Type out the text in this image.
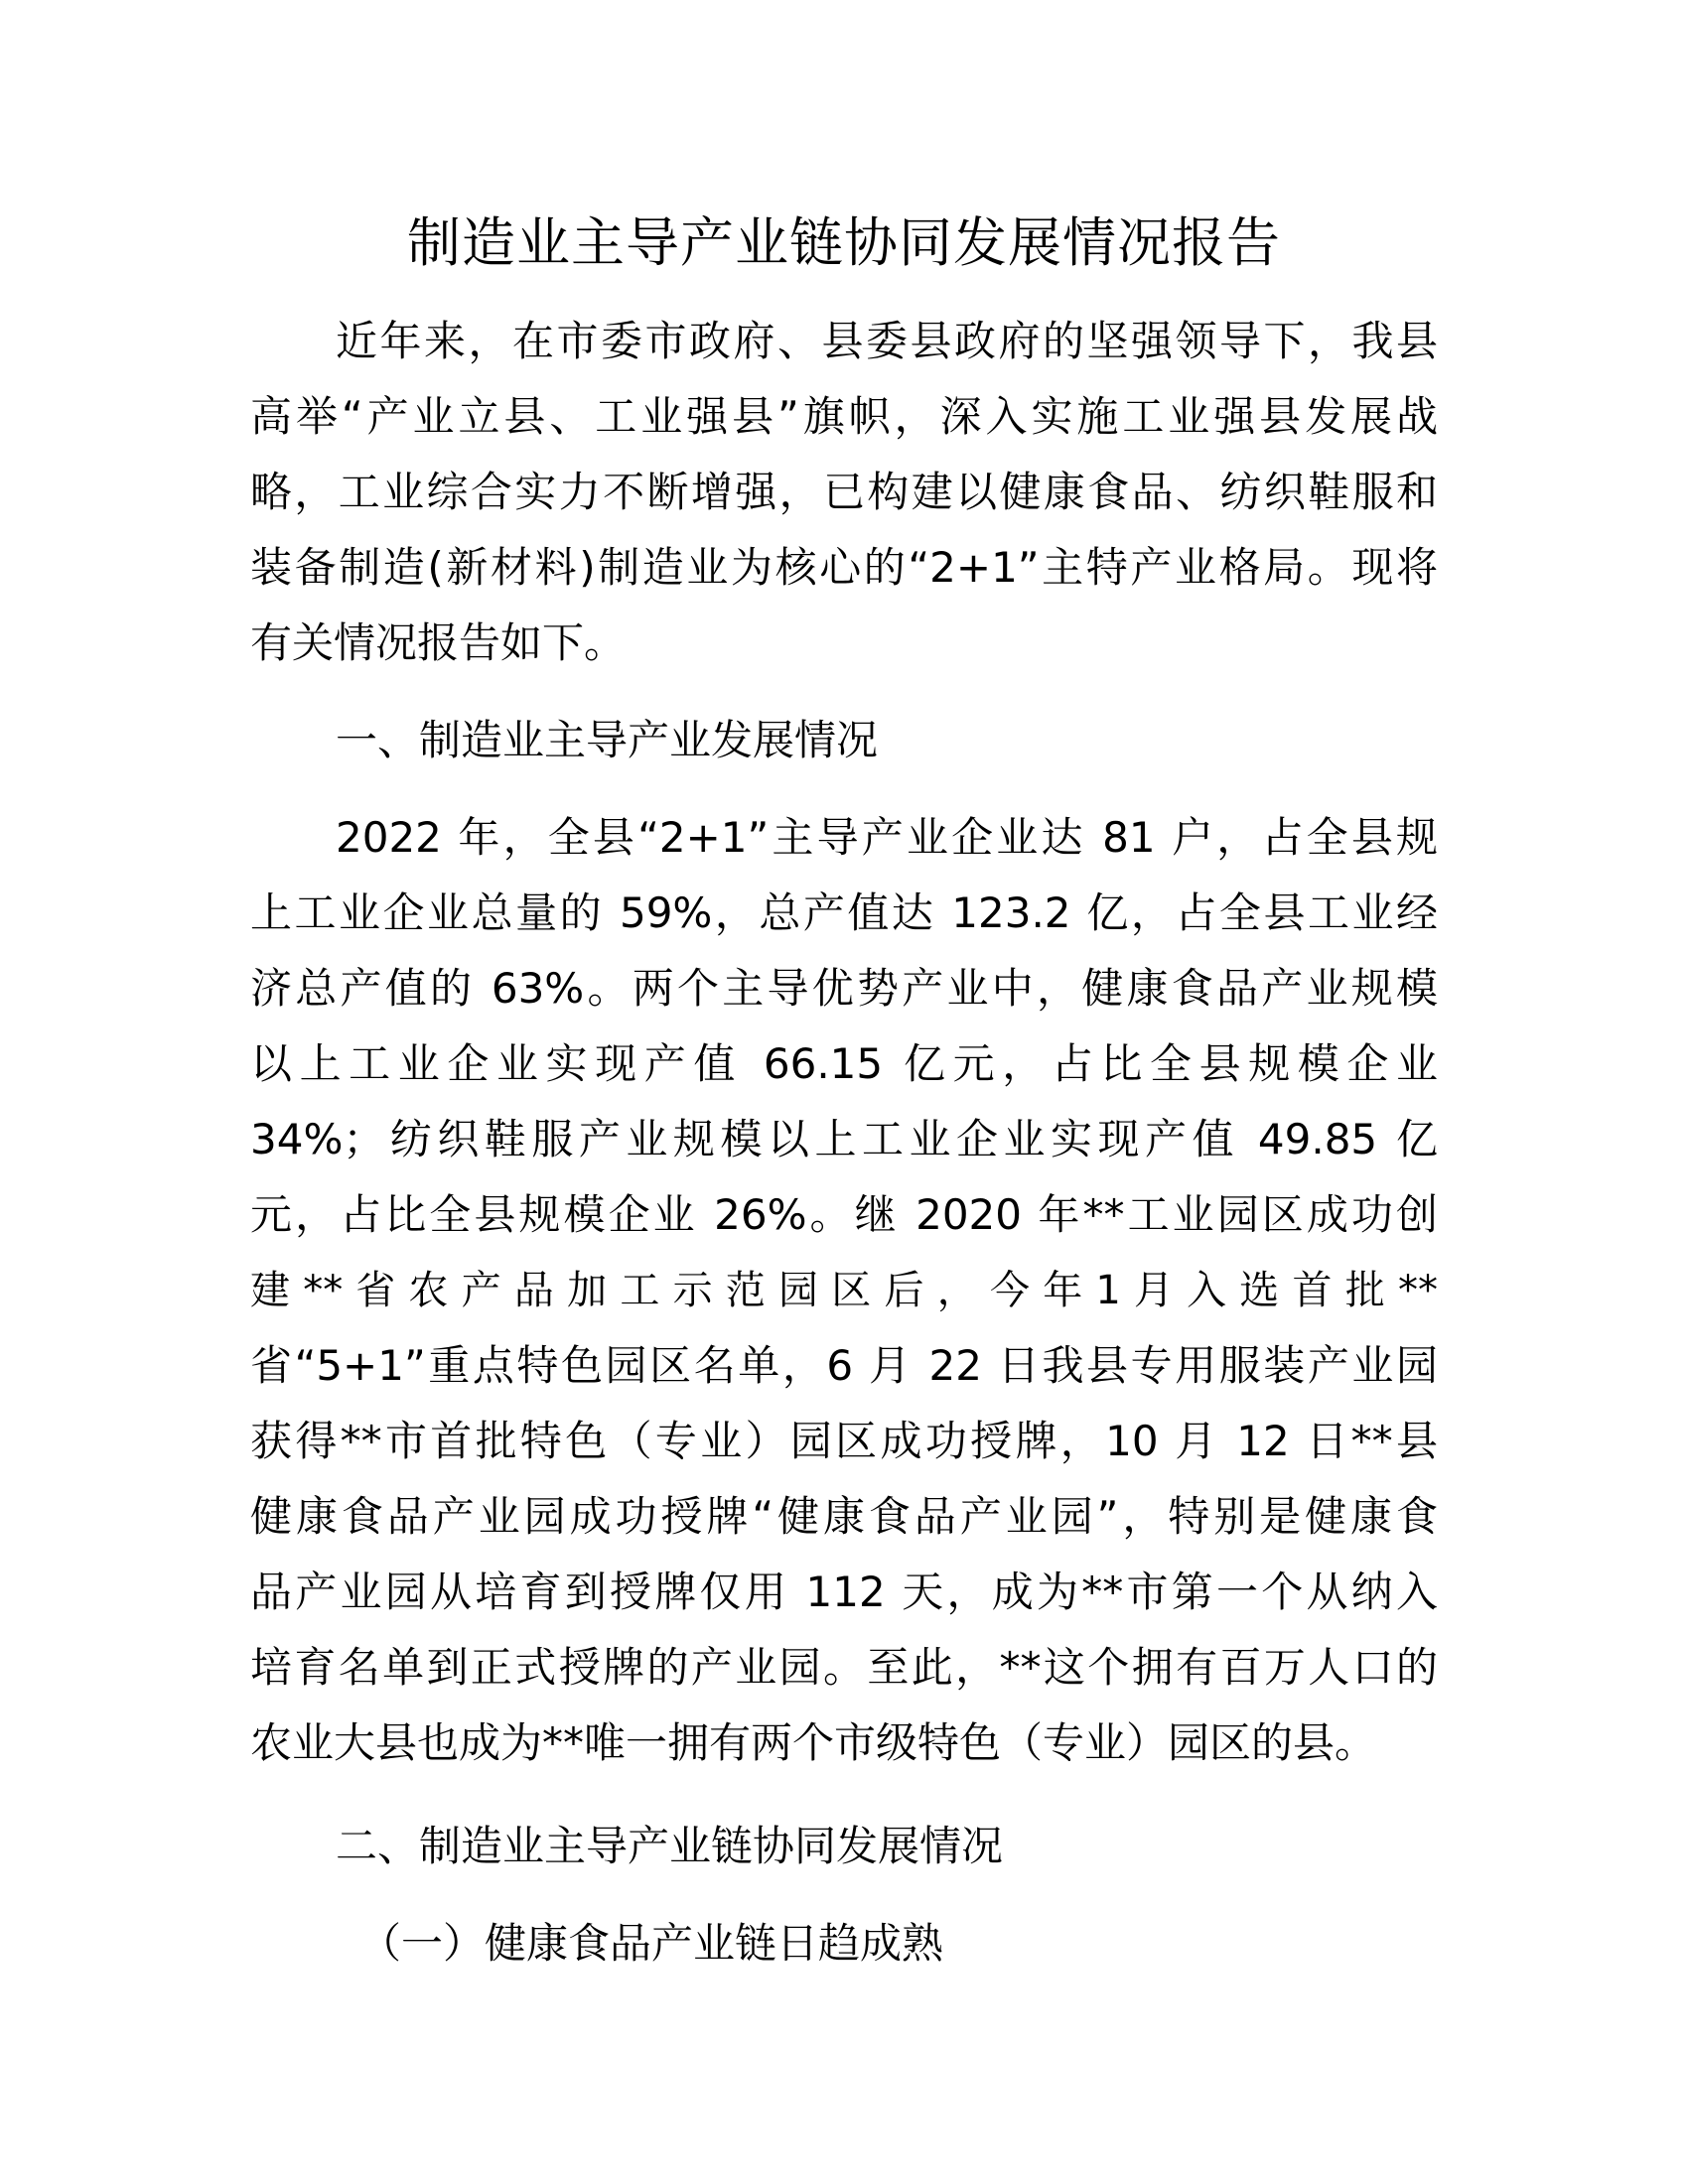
制造业主导产业链协同发展情况报告
近年来，在市委市政府、县委县政府的坚强领导下，我县
高举“产业立县、工业强县”旗帜，深入实施工业强县发展战
略，工业综合实力不断增强，已构建以健康食品、纺织鞋服和
装备制造(新材料)制造业为核心的“2+1”主特产业格局。现将
有关情况报告如下。
一、制造业主导产业发展情况
2022 年，全县“2+1”主导产业企业达 81 户，占全县规
上工业企业总量的 59%，总产值达 123.2 亿，占全县工业经
济总产值的 63%。两个主导优势产业中，健康食品产业规模
以上工业企业实现产值 66.15 亿元，占比全县规模企业
34%；纺织鞋服产业规模以上工业企业实现产值 49.85 亿
元，占比全县规模企业 26%。继 2020 年**工业园区成功创
建 ** 省 农 产 品 加 工 示 范 园 区 后 ， 今 年 1 月 入 选 首 批 **
省“5+1”重点特色园区名单，6 月 22 日我县专用服装产业园
获得**市首批特色（专业）园区成功授牌，10 月 12 日**县
健康食品产业园成功授牌“健康食品产业园”，特别是健康食
品产业园从培育到授牌仅用 112 天，成为**市第一个从纳入
培育名单到正式授牌的产业园。至此，**这个拥有百万人口的
农业大县也成为**唯一拥有两个市级特色（专业）园区的县。
二、制造业主导产业链协同发展情况
（一）健康食品产业链日趋成熟
